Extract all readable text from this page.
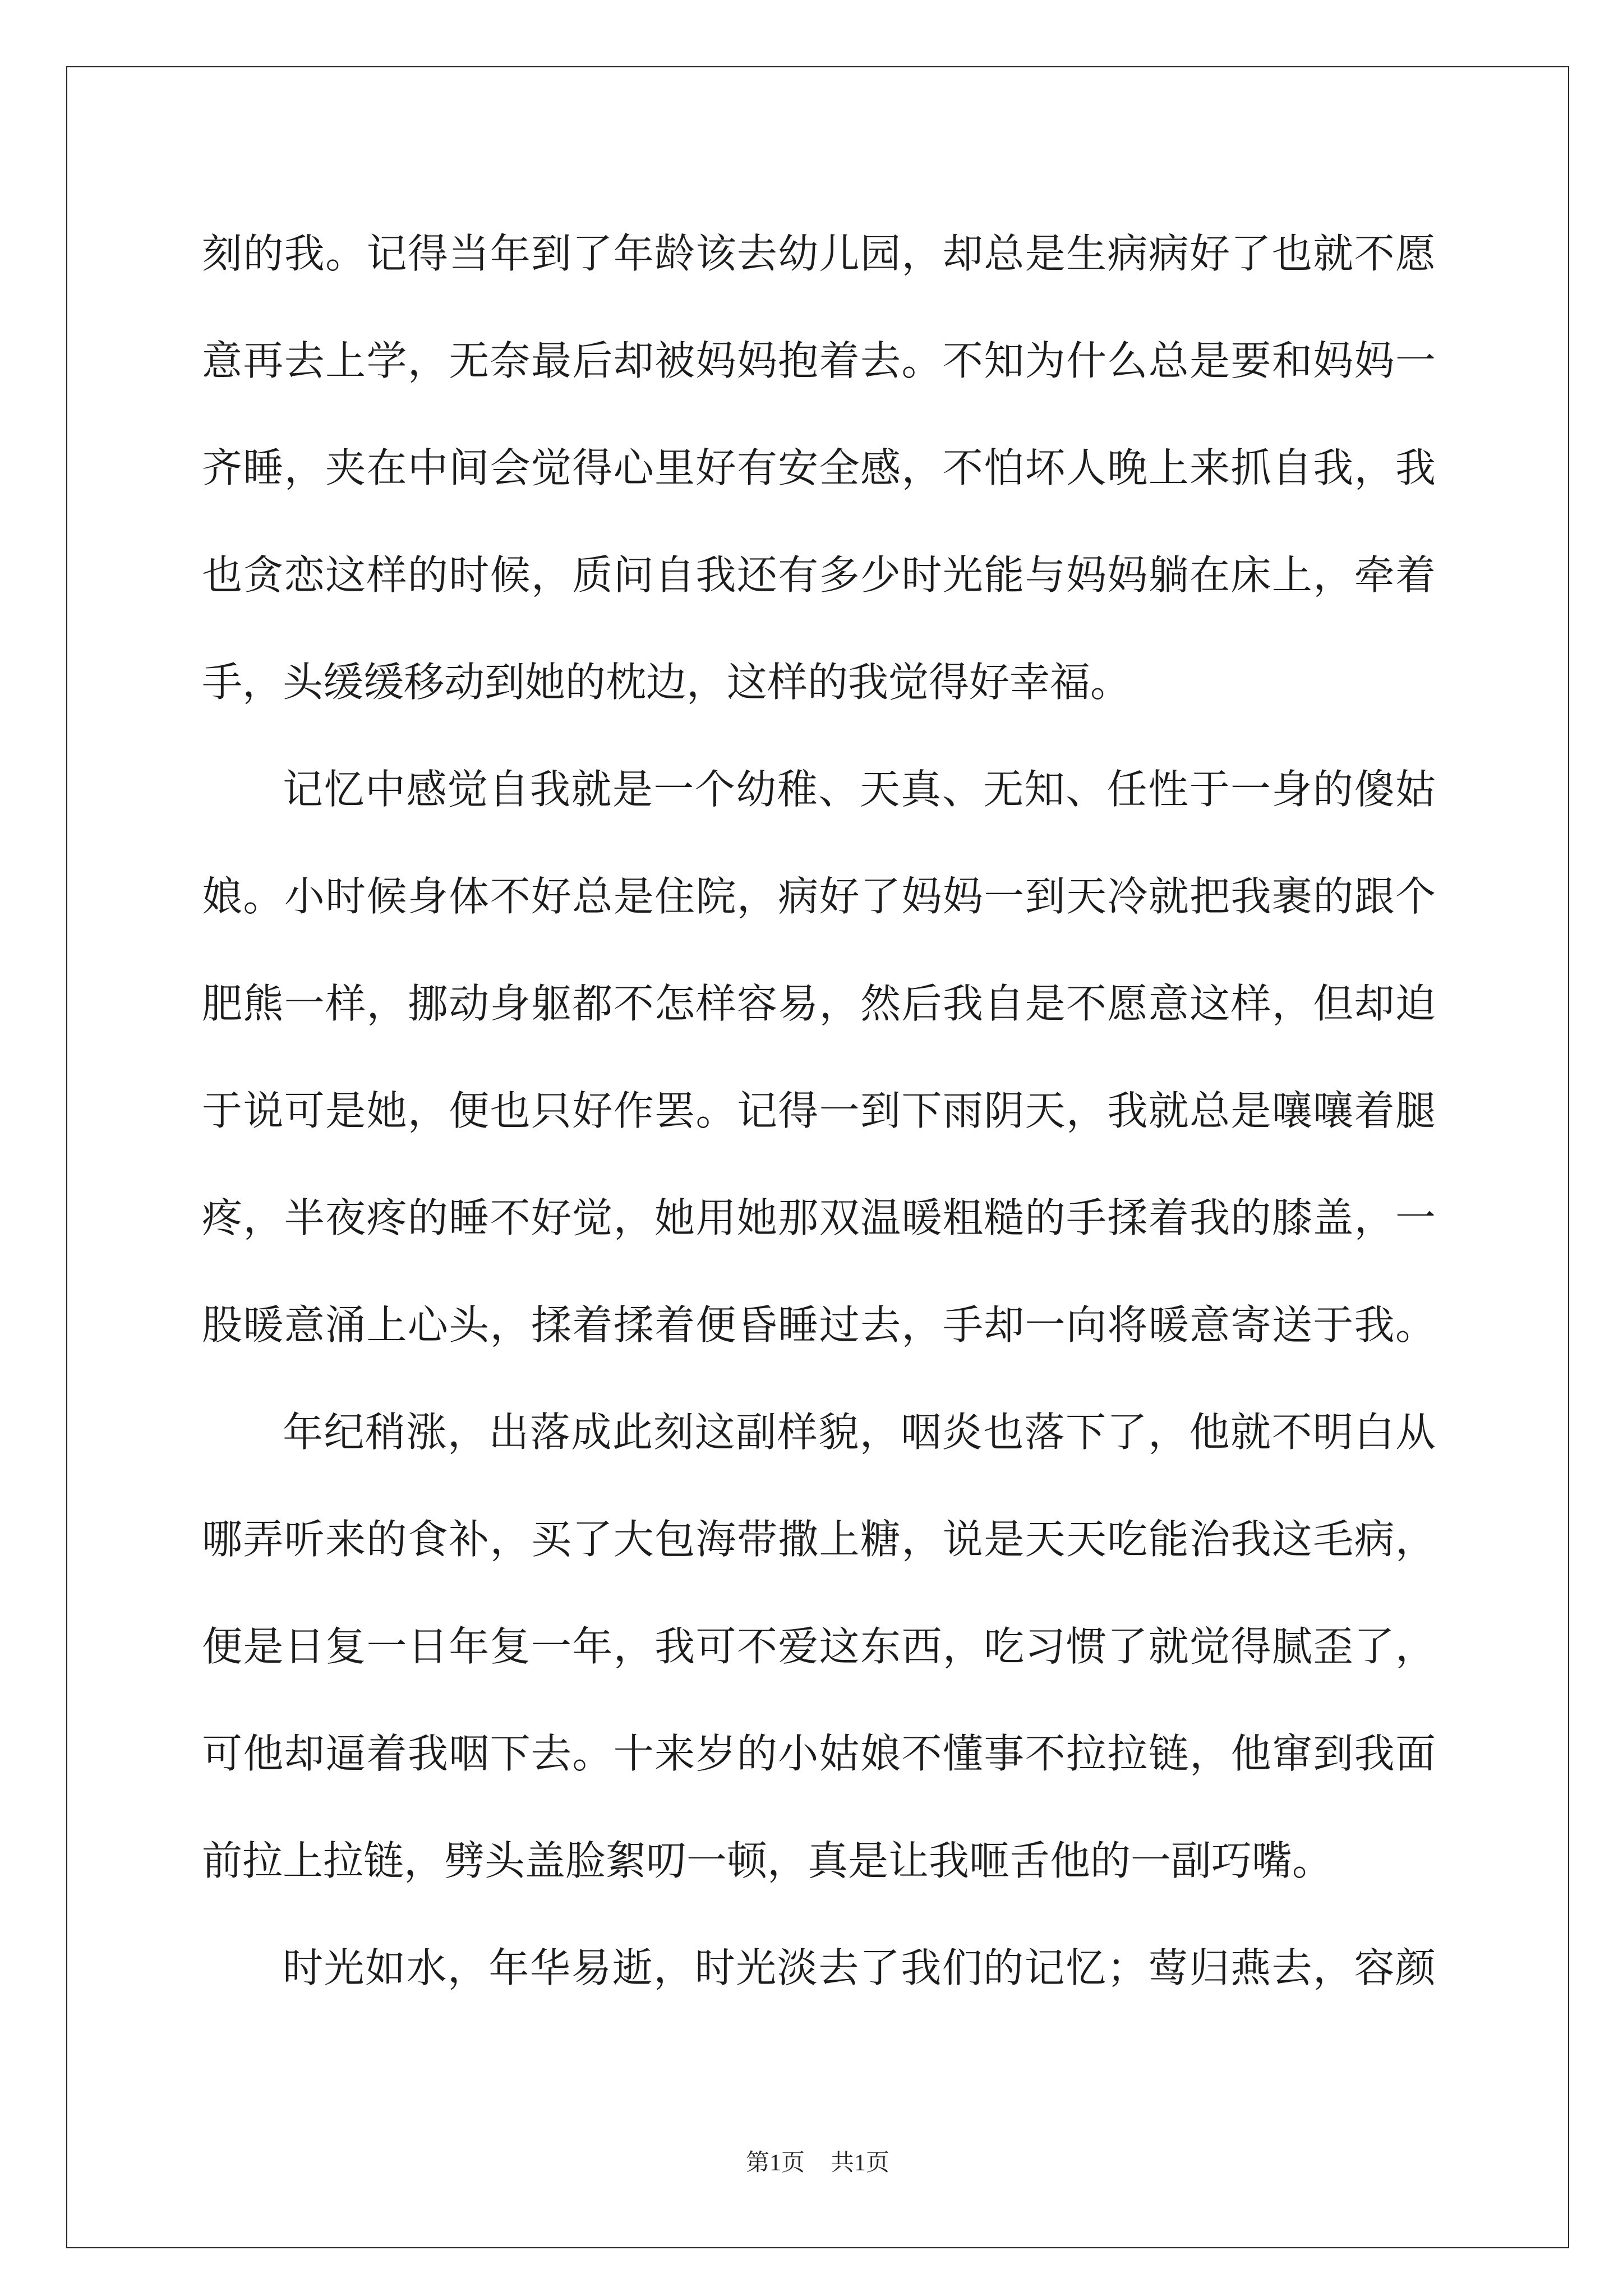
刻的我。记得当年到了年龄该去幼儿园，却总是生病病好了也就不愿
意再去上学，无奈最后却被妈妈抱着去。不知为什么总是要和妈妈一
齐睡，夹在中间会觉得心里好有安全感，不怕坏人晚上来抓自我，我
也贪恋这样的时候，质问自我还有多少时光能与妈妈躺在床上，牵着
手，头缓缓移动到她的枕边，这样的我觉得好幸福。
记忆中感觉自我就是一个幼稚、天真、无知、任性于一身的傻姑
娘。小时候身体不好总是住院，病好了妈妈一到天冷就把我裹的跟个
肥熊一样，挪动身躯都不怎样容易，然后我自是不愿意这样，但却迫
于说可是她，便也只好作罢。记得一到下雨阴天，我就总是嚷嚷着腿
疼，半夜疼的睡不好觉，她用她那双温暖粗糙的手揉着我的膝盖，一
股暖意涌上心头，揉着揉着便昏睡过去，手却一向将暖意寄送于我。
年纪稍涨，出落成此刻这副样貌，咽炎也落下了，他就不明白从
哪弄听来的食补，买了大包海带撒上糖，说是天天吃能治我这毛病，
便是日复一日年复一年，我可不爱这东西，吃习惯了就觉得腻歪了，
可他却逼着我咽下去。十来岁的小姑娘不懂事不拉拉链，他窜到我面
前拉上拉链，劈头盖脸絮叨一顿，真是让我咂舌他的一副巧嘴。
时光如水，年华易逝，时光淡去了我们的记忆；莺归燕去，容颜
第1页 共1页
